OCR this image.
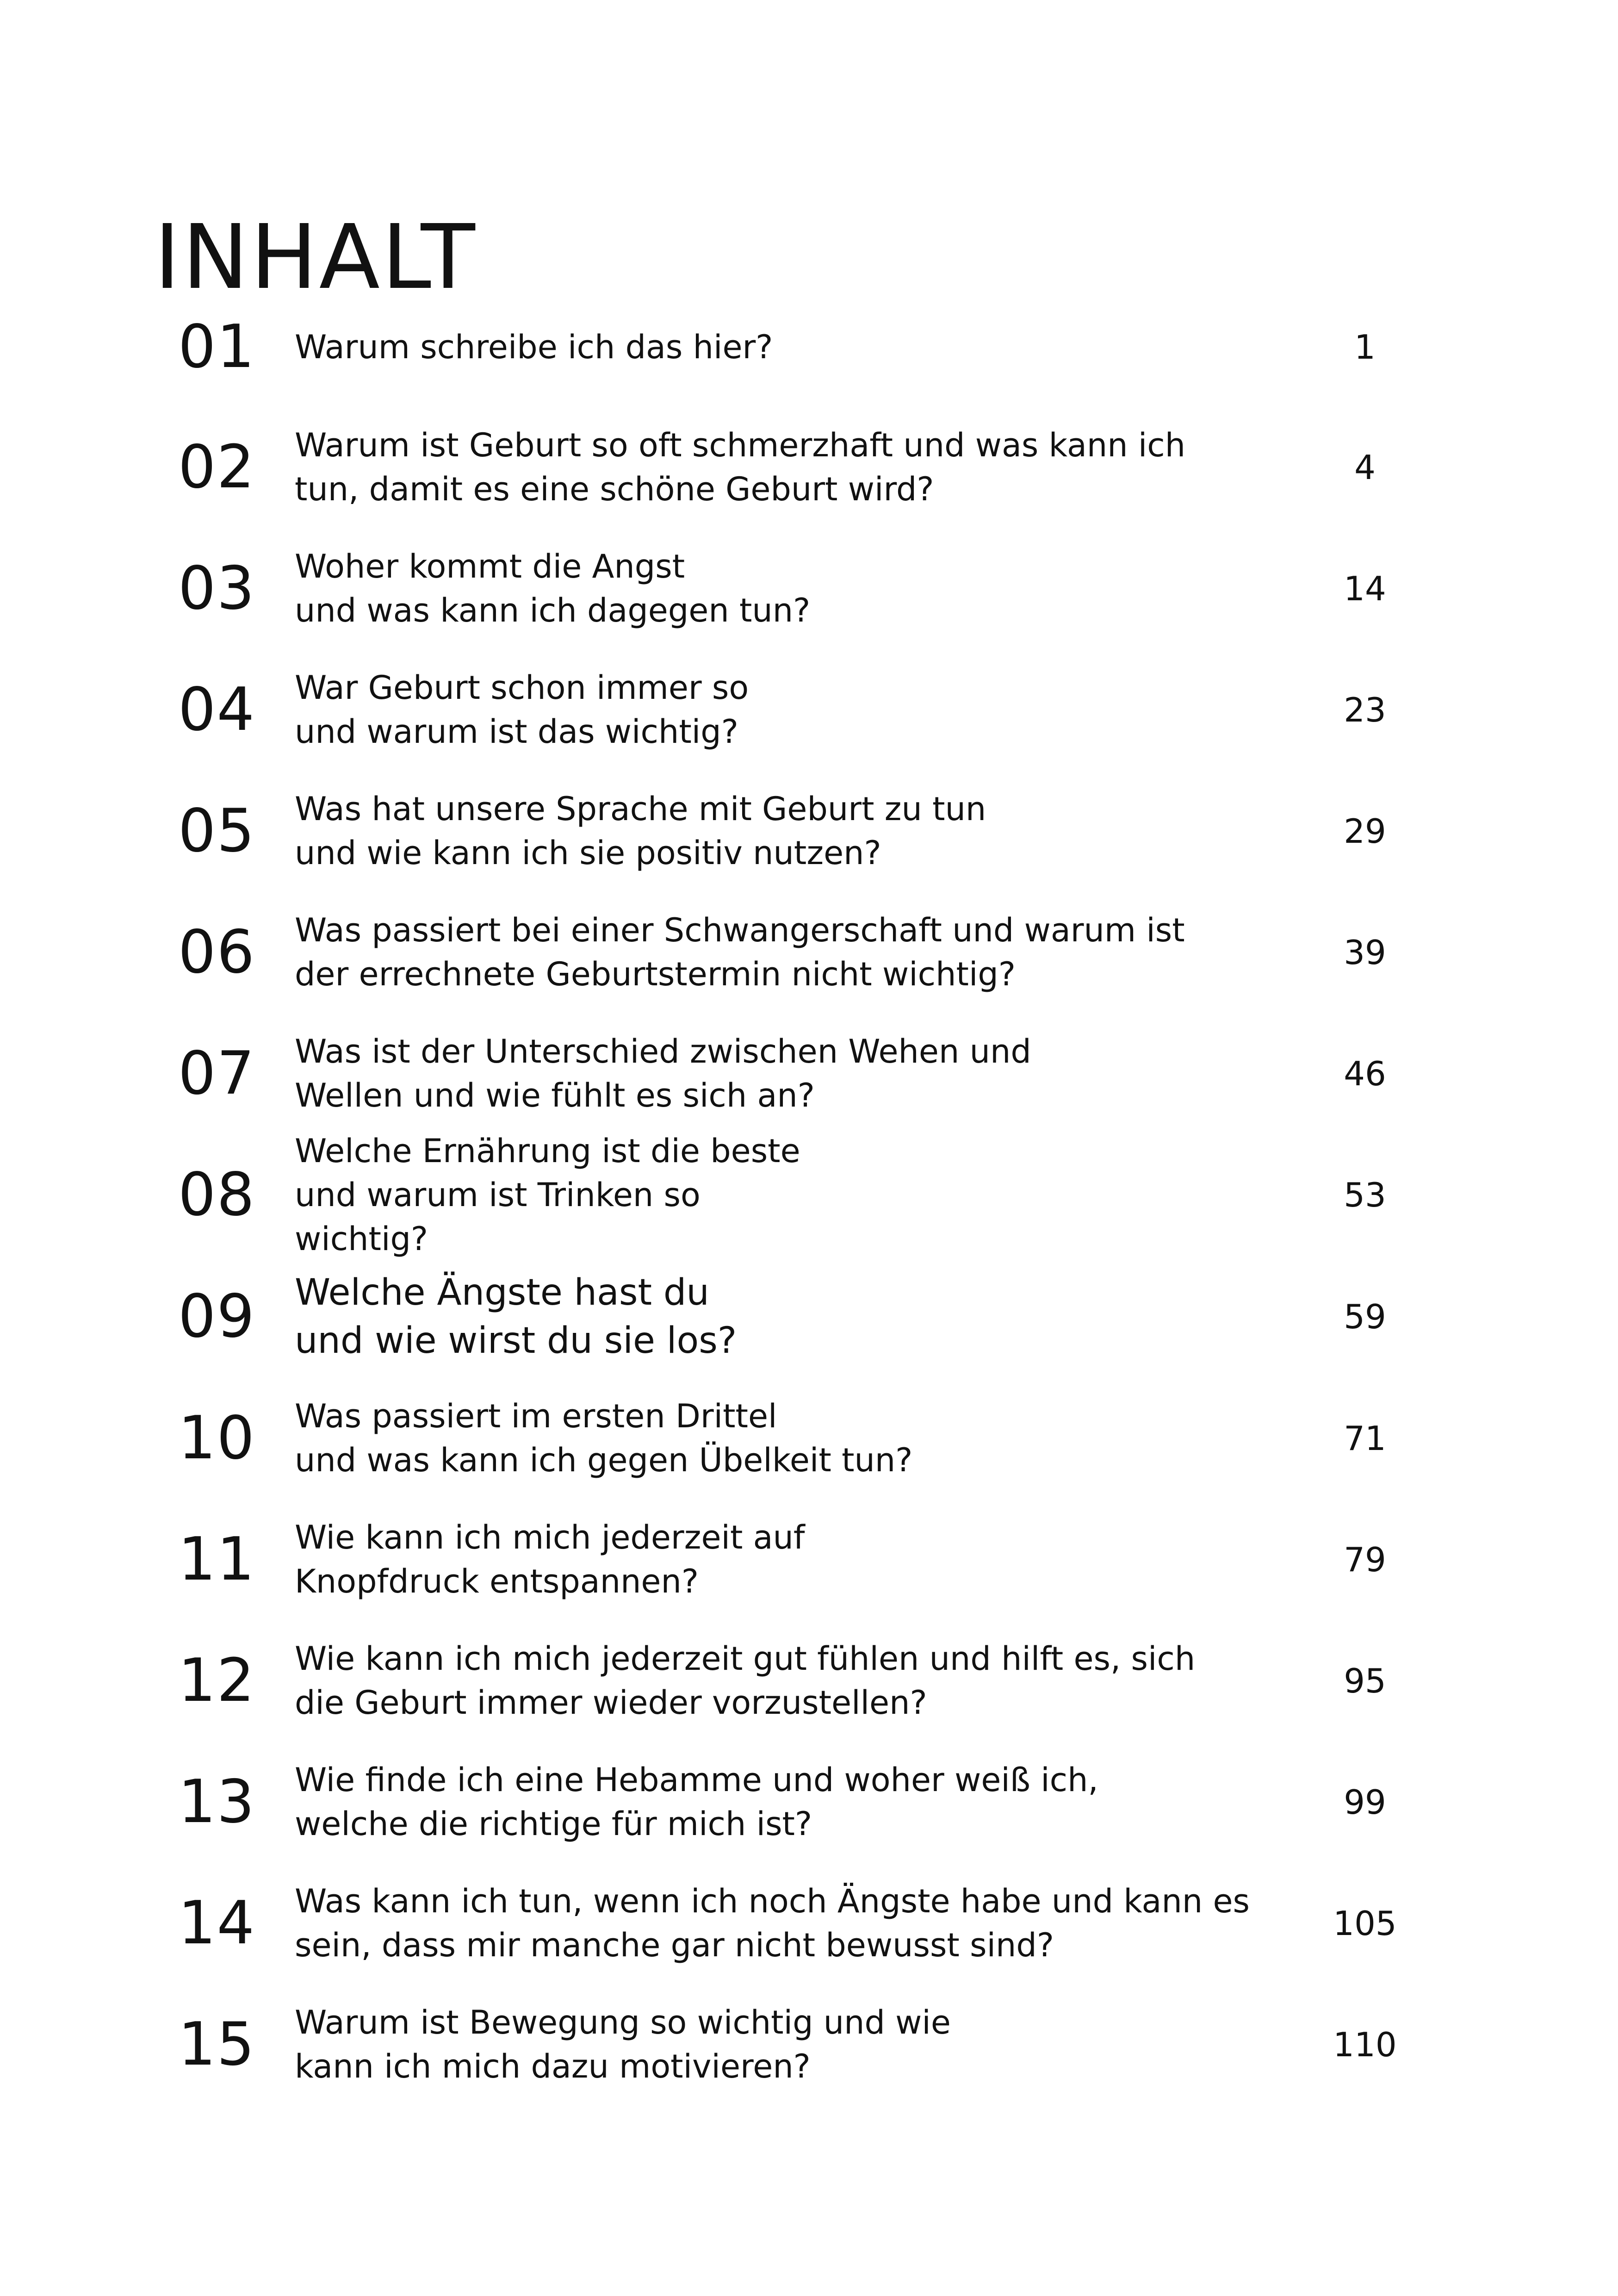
INHALT
01 Warum schreibe ich das hier?	1
02 Warum ist Geburt so oft schmerzhaft und was kann ich
tun, damit es eine schöne Geburt wird?
4
03 Woher kommt die Angst
und was kann ich dagegen tun?
14
04 War Geburt schon immer so
und warum ist das wichtig?
23
05 Was hat unsere Sprache mit Geburt zu tun
und wie kann ich sie positiv nutzen?
29
06 Was passiert bei einer Schwangerschaft und warum ist
der errechnete Geburtstermin nicht wichtig?
39
07 Was ist der Unterschied zwischen Wehen und
Wellen und wie fühlt es sich an?
46
08
Welche Ernährung ist die beste
und warum ist Trinken so
wichtig?
53
09 Welche Ängste hast du
und wie wirst du sie los?
59
10 Was passiert im ersten Drittel
und was kann ich gegen Übelkeit tun?
71
11 Wie kann ich mich jederzeit auf
Knopfdruck entspannen?
79
12 Wie kann ich mich jederzeit gut fühlen und hilft es, sich
die Geburt immer wieder vorzustellen?
95
13 Wie finde ich eine Hebamme und woher weiß ich,
welche die richtige für mich ist?
99
14 Was kann ich tun, wenn ich noch Ängste habe und kann es
sein, dass mir manche gar nicht bewusst sind?
105
15 Warum ist Bewegung so wichtig und wie
kann ich mich dazu motivieren?
110
